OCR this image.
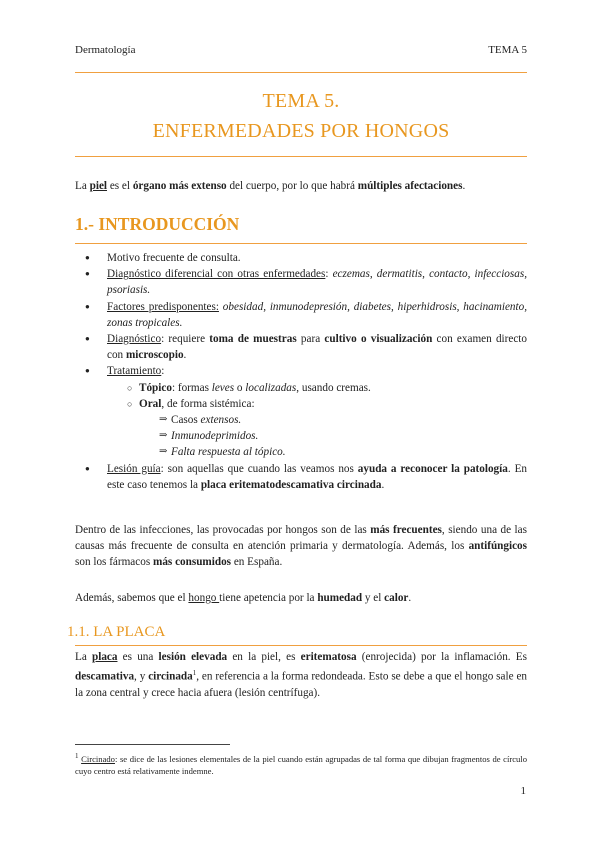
Dermatología	TEMA 5
TEMA 5.
ENFERMEDADES POR HONGOS
La piel es el órgano más extenso del cuerpo, por lo que habrá múltiples afectaciones.
1.- INTRODUCCIÓN
● Motivo frecuente de consulta.
● Diagnóstico diferencial con otras enfermedades: eczemas, dermatitis, contacto, infecciosas, psoriasis.
● Factores predisponentes: obesidad, inmunodepresión, diabetes, hiperhidrosis, hacinamiento, zonas tropicales.
● Diagnóstico: requiere toma de muestras para cultivo o visualización con examen directo con microscopio.
● Tratamiento:
○ Tópico: formas leves o localizadas, usando cremas.
○ Oral, de forma sistémica:
⇒ Casos extensos.
⇒ Inmunodeprimidos.
⇒ Falta respuesta al tópico.
● Lesión guía: son aquellas que cuando las veamos nos ayuda a reconocer la patología. En este caso tenemos la placa eritematodescamativa circinada.
Dentro de las infecciones, las provocadas por hongos son de las más frecuentes, siendo una de las causas más frecuente de consulta en atención primaria y dermatología. Además, los antifúngicos son los fármacos más consumidos en España.
Además, sabemos que el hongo tiene apetencia por la humedad y el calor.
1.1. LA PLACA
La placa es una lesión elevada en la piel, es eritematosa (enrojecida) por la inflamación. Es descamativa, y circinada$^1$, en referencia a la forma redondeada. Esto se debe a que el hongo sale en la zona central y crece hacia afuera (lesión centrífuga).
$^1$ Circinado: se dice de las lesiones elementales de la piel cuando están agrupadas de tal forma que dibujan fragmentos de círculo cuyo centro está relativamente indemne.
1
